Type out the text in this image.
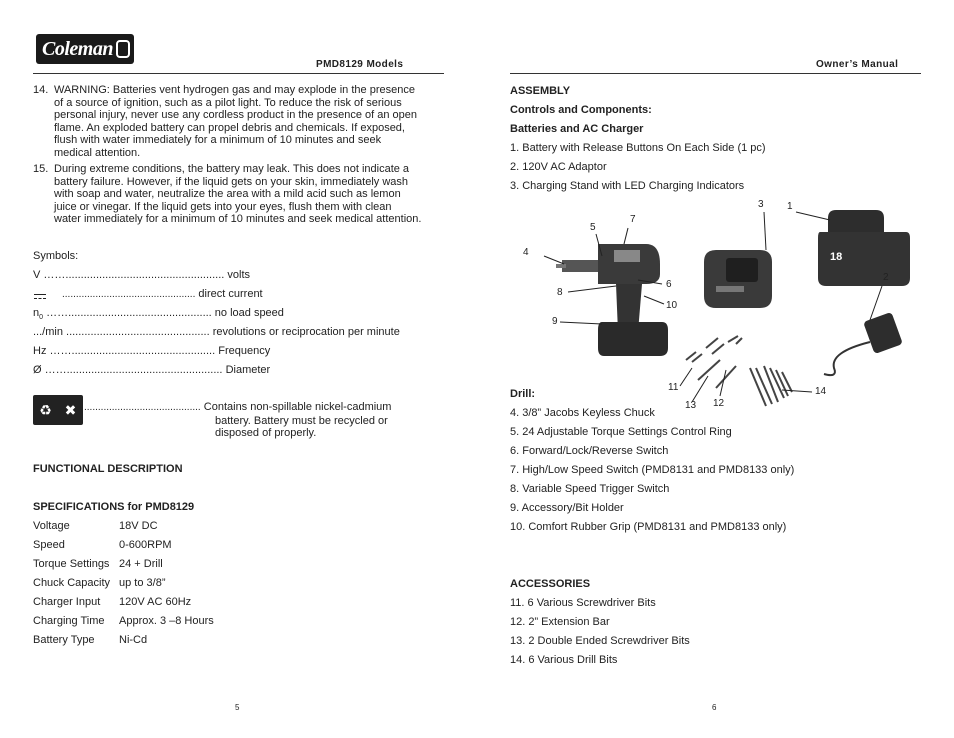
Coleman
PMD8129 Models
14. WARNING: Batteries vent hydrogen gas and may explode in the presence
of a source of ignition, such as a pilot light. To reduce the risk of serious
personal injury, never use any cordless product in the presence of an open
flame. An exploded battery can propel debris and chemicals. If exposed,
flush with water immediately for a minimum of 10 minutes and seek
medical attention.
15. During extreme conditions, the battery may leak. This does not indicate a
battery failure. However, if the liquid gets on your skin, immediately wash
with soap and water, neutralize the area with a mild acid such as lemon
juice or vinegar. If the liquid gets into your eyes, flush them with clean
water immediately for a minimum of 10 minutes and seek medical attention.
Symbols:
V …….................................................... volts
................................................ direct current
$n_0$ ……............................................... no load speed
.../min ............................................... revolutions or reciprocation per minute
Hz ……............................................... Frequency
Ø ……................................................... Diameter
♻ ✖ .......................................... Contains non-spillable nickel-cadmium
battery. Battery must be recycled or
disposed of properly.
FUNCTIONAL DESCRIPTION
SPECIFICATIONS for PMD8129
Voltage	18V DC
Speed	0-600RPM
Torque Settings 24 + Drill
Chuck Capacity up to 3/8”
Charger Input 120V AC 60Hz
Charging Time Approx. 3 –8 Hours
Battery Type Ni-Cd
5
Owner’s Manual
ASSEMBLY
Controls and Components:
Batteries and AC Charger
1. Battery with Release Buttons On Each Side (1 pc)
2. 120V AC Adaptor
3. Charging Stand with LED Charging Indicators
18
1
2
3
4
5
7
6
8
10
9
11
12
13
14
Drill:
4. 3/8” Jacobs Keyless Chuck
5. 24 Adjustable Torque Settings Control Ring
6. Forward/Lock/Reverse Switch
7. High/Low Speed Switch (PMD8131 and PMD8133 only)
8. Variable Speed Trigger Switch
9. Accessory/Bit Holder
10. Comfort Rubber Grip (PMD8131 and PMD8133 only)
ACCESSORIES
11. 6 Various Screwdriver Bits
12. 2” Extension Bar
13. 2 Double Ended Screwdriver Bits
14. 6 Various Drill Bits
6
